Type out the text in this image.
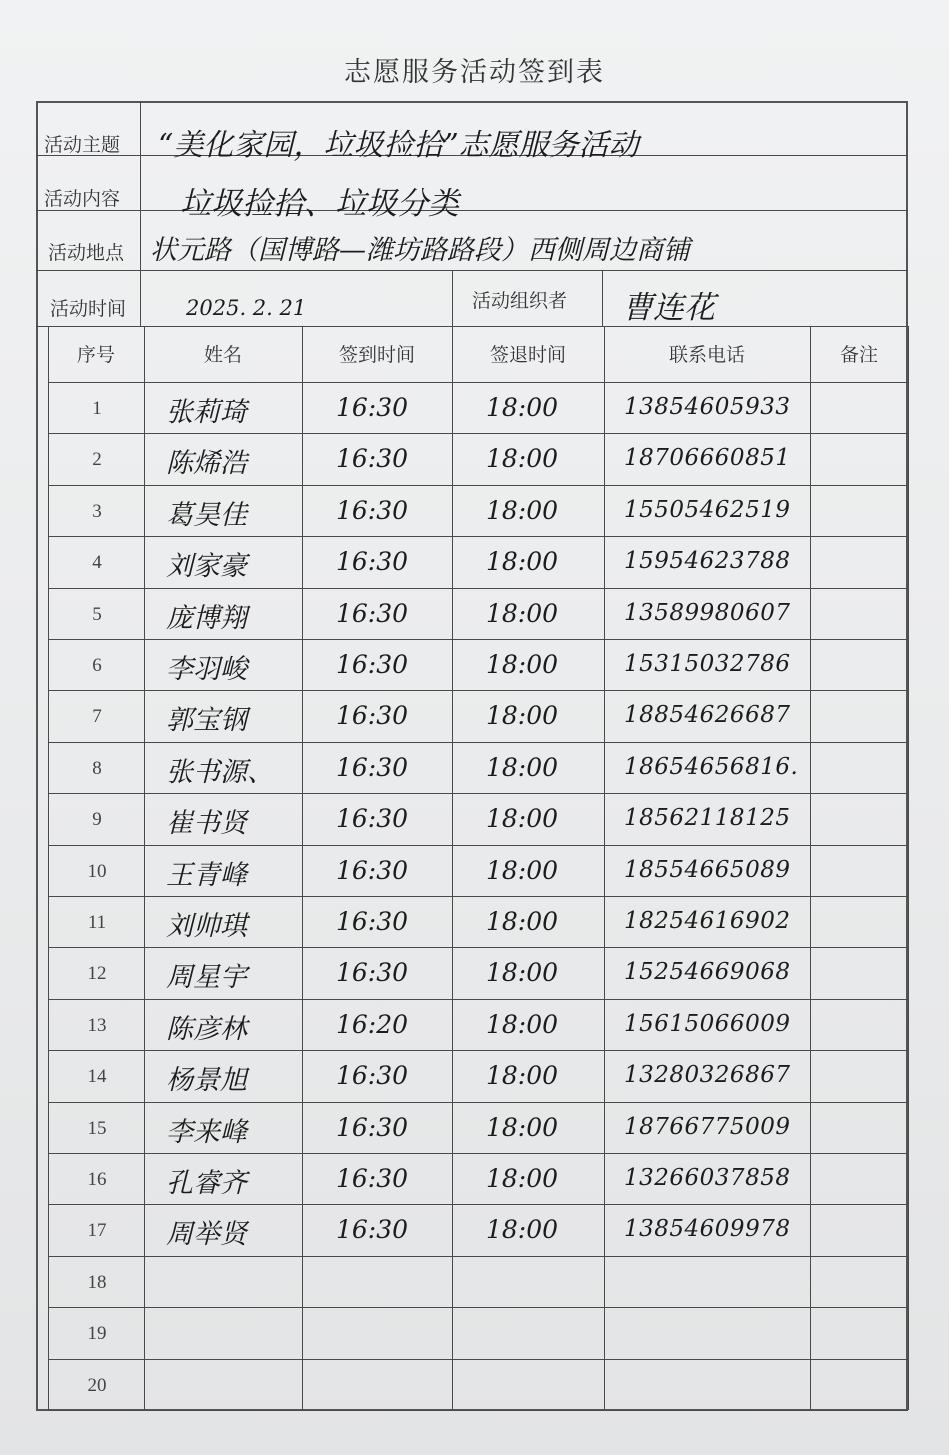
志愿服务活动签到表
活动主题 “美化家园，垃圾捡拾”志愿服务活动
活动内容 垃圾捡拾、垃圾分类
活动地点 状元路（国博路—潍坊路路段）西侧周边商铺
活动时间	2025. 2. 21	活动组织者 曹连花
序号	姓名	签到时间	签退时间	联系电话	备注
1	张莉琦	16:30	18:00	13854605933
2	陈烯浩	16:30	18:00	18706660851
3	葛昊佳	16:30	18:00	15505462519
4	刘家豪	16:30	18:00	15954623788
5	庞博翔	16:30	18:00	13589980607
6	李羽峻	16:30	18:00	15315032786
7	郭宝钢	16:30	18:00	18854626687
8	张书源、 16:30	18:00	18654656816.
9	崔书贤	16:30	18:00	18562118125
10	王青峰	16:30	18:00	18554665089
11	刘帅琪	16:30	18:00	18254616902
12	周星宇	16:30	18:00	15254669068
13	陈彦林	16:20	18:00	15615066009
14	杨景旭	16:30	18:00	13280326867
15	李来峰	16:30	18:00	18766775009
16	孔睿齐	16:30	18:00	13266037858
17	周举贤	16:30	18:00	13854609978
18
19
20
